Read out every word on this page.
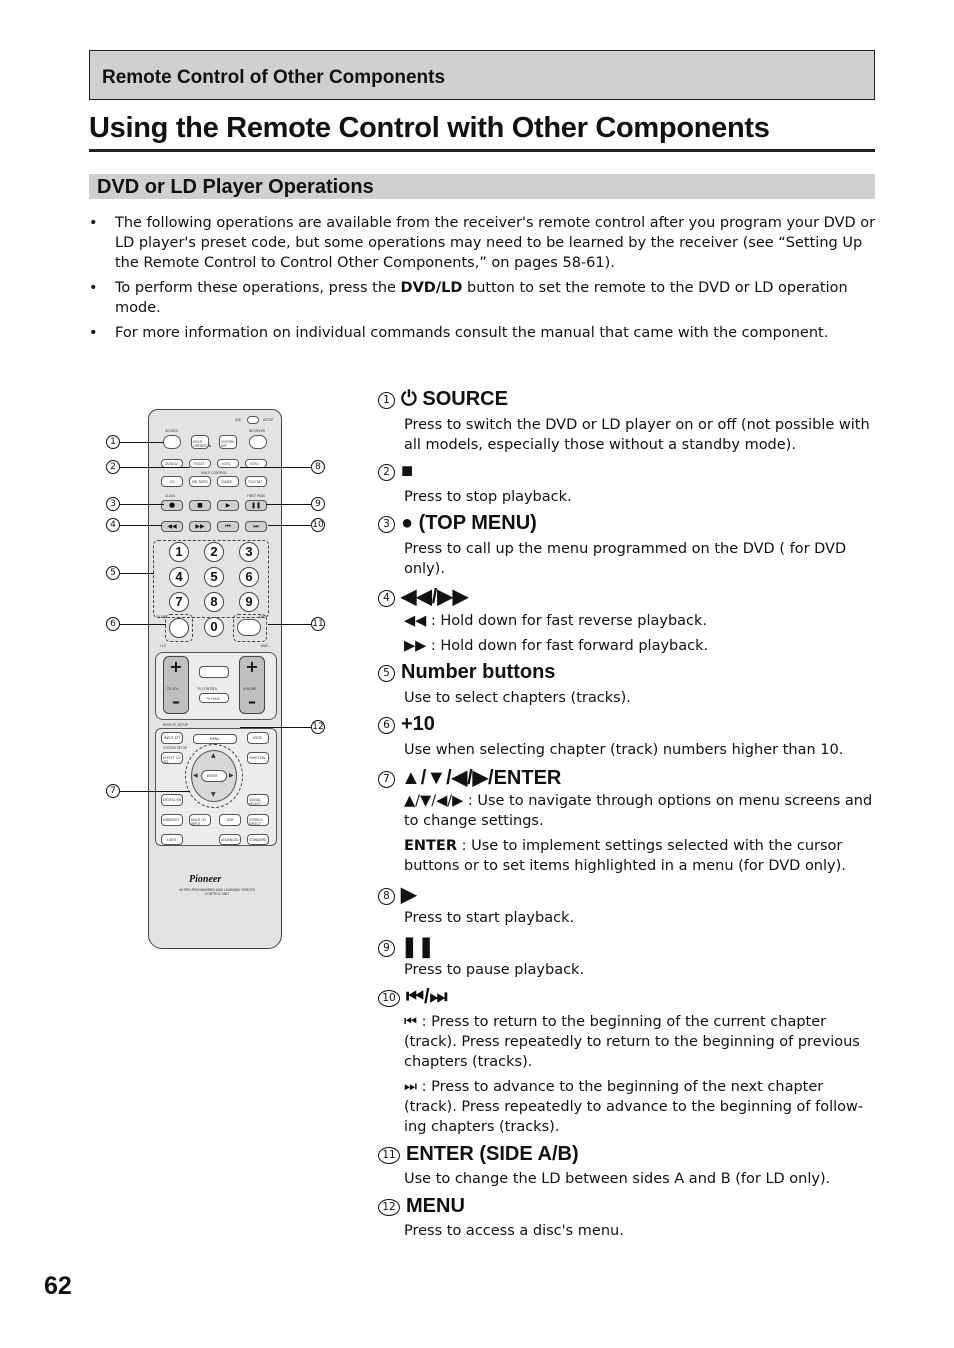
Remote Control of Other Components
Using the Remote Control with Other Components
DVD or LD Player Operations
• The following operations are available from the receiver's remote control after you program your DVD or LD player's preset code, but some operations may need to be learned by the receiver (see “Setting Up the Remote Control to Control Other Components,” on pages 58-61).
• To perform these operations, press the DVD/LD button to set the remote to the DVD or LD operation mode.
• For more information on individual commands consult the manual that came with the component.
USE	SETUP
SOURCE	RECEIVER
MULTI OPERATION
SYSTEM OFF
DVD/LD	TV/SAT	VCR1	VCR2
MULTI CONTROL
CD	MD TAPE2	TUNER	TV/CONT
CLASS	FIRST PAGE
●	■	▶	❚❚
◀◀	▶▶	⏮	⏭
1	2	3
4	5	6
7	8	9
GUIDE
0
EXIT
+10	DISC
+
–
+
–
TV VOL	VOLUME
TV CONTROL
TV FUNC
REMOTE SETUP
INPUT ATT	MENU	MUTE
SYSTEM SETUP
EFFECT CH SEL
FUNCTION
▲
▼
◀	▶
ENTER
DIGITAL NR	SIGNAL SELECT
MIDNIGHT	MULTI CH INPUT
DSP	STEREO/ DIRECT
LIGHT	ADVANCED	STANDARD
Pioneer
AV PRE-PROGRAMMED AND LEARNING REMOTE CONTROL UNIT
1
2
3
4
5
6
7
8
9
10
11
12
1 ⏻ SOURCE
Press to switch the DVD or LD player on or off (not possible with all models, especially those without a standby mode).
2 ■
Press to stop playback.
3 ● (TOP MENU)
Press to call up the menu programmed on the DVD ( for DVD only).
4 ◀◀/▶▶
◀◀ : Hold down for fast reverse playback.
▶▶ : Hold down for fast forward playback.
5 Number buttons
Use to select chapters (tracks).
6 +10
Use when selecting chapter (track) numbers higher than 10.
7 ▲/▼/◀/▶/ENTER
▲/▼/◀/▶ : Use to navigate through options on menu screens and to change settings.
ENTER : Use to implement settings selected with the cursor buttons or to set items highlighted in a menu (for DVD only).
8 ▶
Press to start playback.
9 ❚❚
Press to pause playback.
10 ⏮/⏭
⏮ : Press to return to the beginning of the current chapter (track). Press repeatedly to return to the beginning of previous chapters (tracks).
⏭ : Press to advance to the beginning of the next chapter (track). Press repeatedly to advance to the beginning of follow-ing chapters (tracks).
11 ENTER (SIDE A/B)
Use to change the LD between sides A and B (for LD only).
12 MENU
Press to access a disc's menu.
62
